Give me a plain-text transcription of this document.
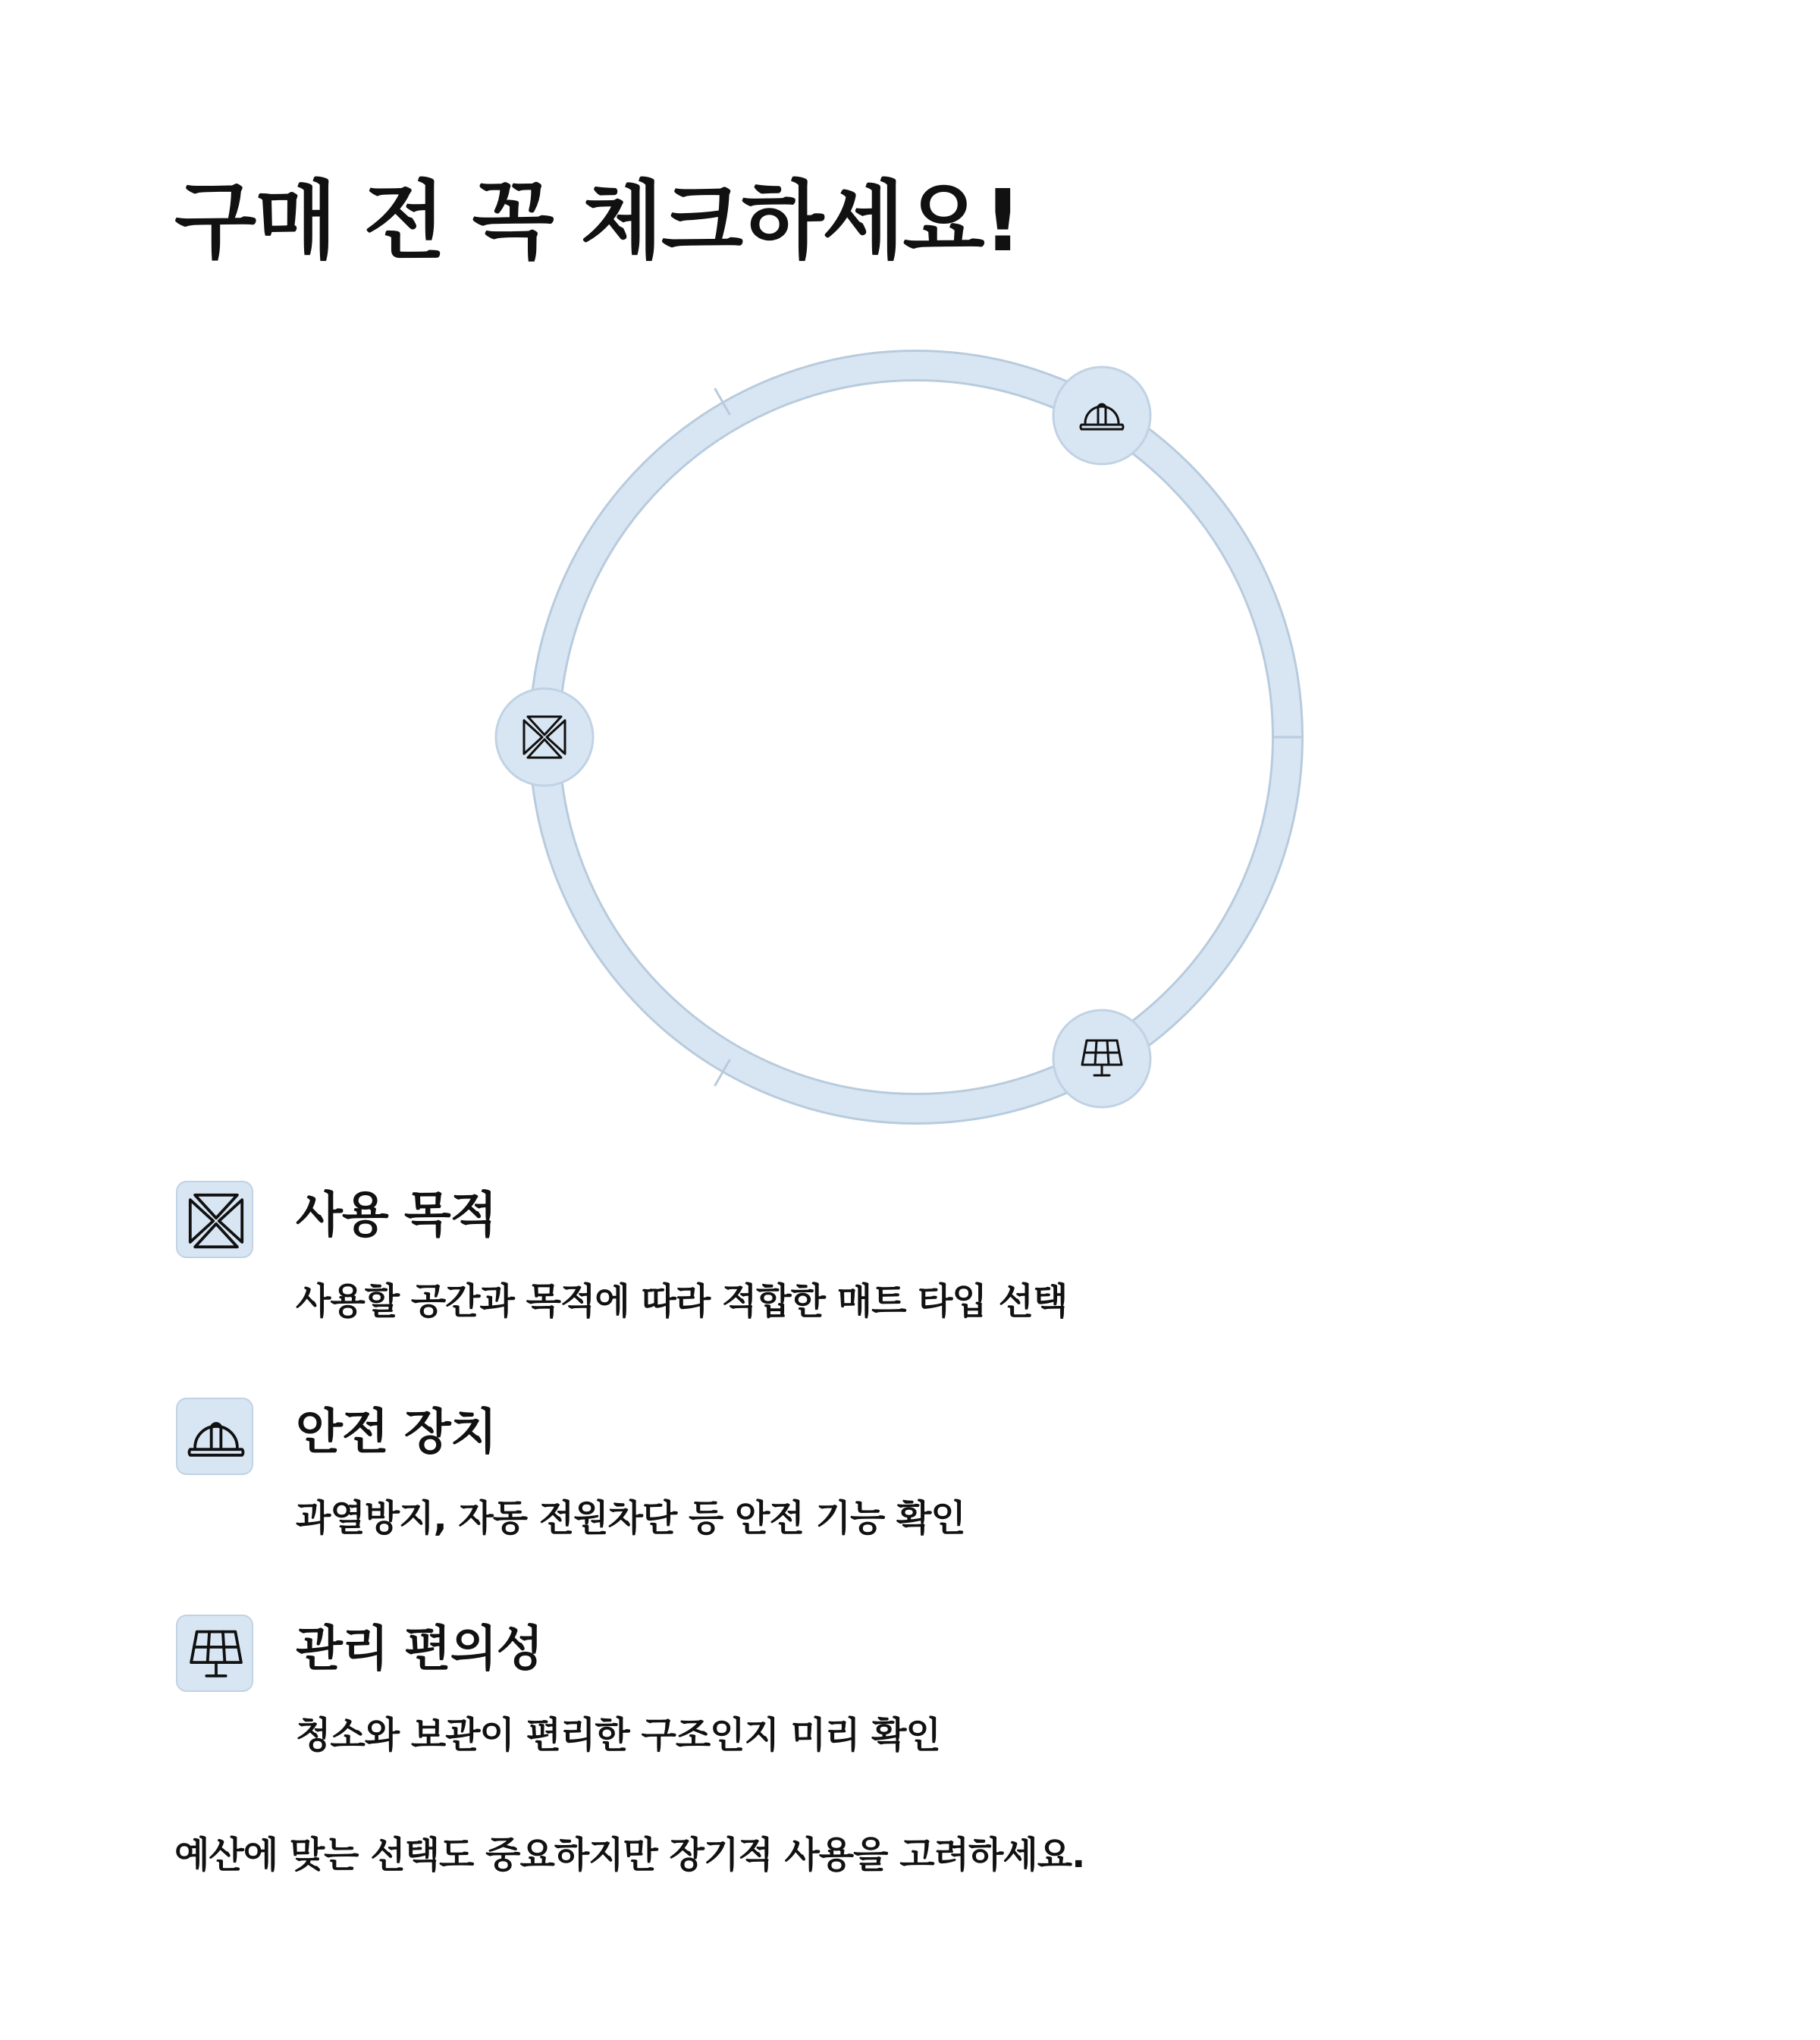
구매 전 꼭 체크하세요!
사용 목적

사용할 공간과 목적에 따라 적합한 매트 타입 선택

안전 장치

과열방지, 자동 전원차단 등 안전 기능 확인

관리 편의성

청소와 보관이 편리한 구조인지 미리 확인

예산에 맞는 선택도 중요하지만 장기적 사용을 고려하세요.
